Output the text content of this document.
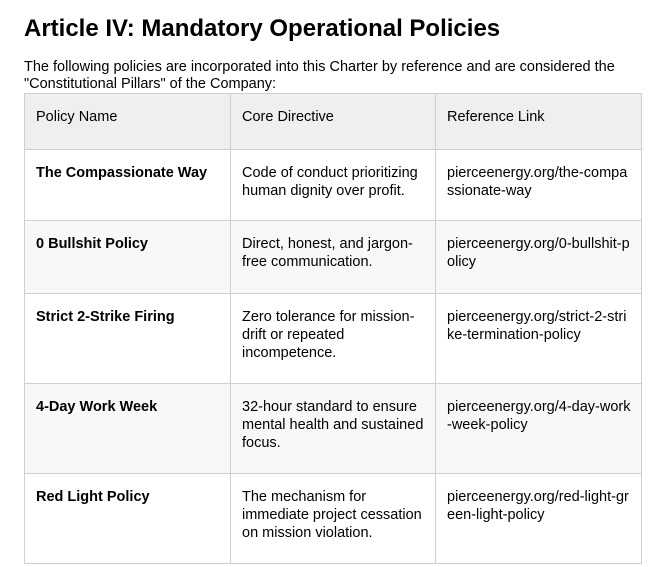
Article IV: Mandatory Operational Policies

The following policies are incorporated into this Charter by reference and are considered the "Constitutional Pillars" of the Company:

Policy Name	Core Directive	Reference Link
The Compassionate Way	Code of conduct prioritizing human dignity over profit.	pierceenergy.org/the-compassionate-way
0 Bullshit Policy	Direct, honest, and jargon-free communication.	pierceenergy.org/0-bullshit-policy
Strict 2-Strike Firing	Zero tolerance for mission-drift or repeated incompetence.	pierceenergy.org/strict-2-strike-termination-policy
4-Day Work Week	32-hour standard to ensure mental health and sustained focus.	pierceenergy.org/4-day-work-week-policy
Red Light Policy	The mechanism for immediate project cessation on mission violation.	pierceenergy.org/red-light-green-light-policy
